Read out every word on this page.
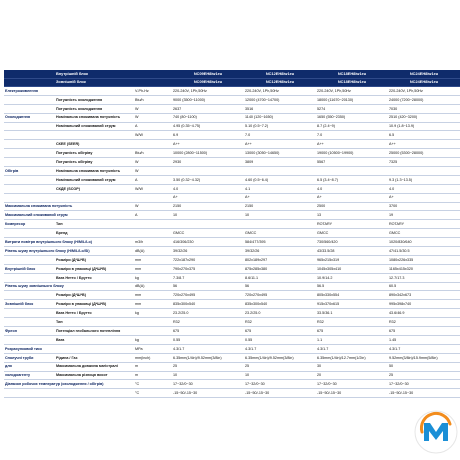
	Внутрішній блок		NC09EH8lw1eu	NC12EH8lw1eu	NC18EH8lw1eu	NC24EH8lw1eu
	Зовнішній блок		NC09EH8lw1eu	NC12EH8lw1eu	NC18EH8lw1eu	NC24EH8lw1eu
Електроживлення		V-Ph-Hz	220-240V, 1Ph,50Hz	220-240V, 1Ph,50Hz	220-240V, 1Ph,50Hz	220-240V, 1Ph,50Hz
	Потужність охолодження	Btu/h	9000 (3500~11000)	12000 (4700~14700)	18000 (11670~20130)	24000 (7200~28000)
	Потужність охолодження	W	2637	3516	5274	7030
Охолодження	Номінальна споживана потужність	W	740 (80~1100)	1140 (120~1650)	1650 (550~2350)	2510 (420~3200)
	Номінальний споживаний струм	A	4.95 (0.35~4.75)	5.10 (0.5~7.2)	8.7 (2.4~9)	10.9 (1.8~13.9)
		W/W	6.9	7.0	7.0	6.5
	СКЕЕ (SEER)		A++	A++	A++	A++
	Потужність обігріву	Btu/h	10000 (2800~11500)	13000 (3050~14650)	19000 (10500~19900)	25000 (5300~28000)
	Потужність обігріву	W	2930	3809	5567	7325
Обігрів	Номінальна споживана потужність	W				
	Номінальний споживаний струм	A	3.50 (0.32~4.32)	4.60 (0.5~6.4)	6.5 (3.4~8.7)	9.3 (1.3~13.5)
	СКДЕ (SCOP)	W/W	4.0	4.1	4.0	4.0
			A+	A+	A+	A+
Максимальна споживана потужність		W	2150	2150	2500	3700
Максимальний споживаний струм		A	10	10	13	19
Компресор	Тип				ROTARY	ROTARY
	Бренд		GMCC	GMCC	GMCC	GMCC
Витрати повітря внутрішнього блоку (H/M/L/Lo)		m3/h	416/306/230	584/477/395	730/560/420	1020/830/640
Рівень шуму внутрішнього блоку (H/M/L/Lo/Si)		dB(A)	39/32/26	39/32/26	43/33.5/28	47/41.5/30.5
	Розміри (Д*Ш*В)	mm	722x187x290	802x189x297	965x215x319	1080x226x335
Внутрішній блок	Розміри в упаковці (Д*Ш*В)	mm	790x270x375	875x285x380	1045x305x410	1165x415x320
	Вага Нетто / Брутто	kg	7.3/8.7	8.6/11.1	10.9/14.2	12.7/17.3
Рівень шуму зовнішнього блоку		dB(A)	56	56	56.5	60.5
	Розміри (Д*Ш*В)	mm	720x270x495	720x270x495	805x330x554	890x342x673
Зовнішній блок	Розміри в упаковці (Д*Ш*В)	mm	835x300x540	835x300x540	915x370x615	995x398x740
	Вага Нетто / Брутто	kg	23.2/25.0	23.2/25.0	33.5/36.1	43.6/46.9
	Тип		R32	R32	R32	R32
Фреон	Потенціал глобального потепління		675	675	675	675
	Вага	kg	0.55	0.55	1.1	1.45
Розрахунковий тиск		MPa	4.3/1.7	4.3/1.7	4.3/1.7	4.3/1.7
Сполучні труби	Рідина / Газ	mm(inch)	6.35mm(1/4in)/9.52mm(3/8in)	6.35mm(1/4in)/9.52mm(3/8in)	6.35mm(1/4in)/12.7mm(1/2in)	9.52mm(3/8in)/15.9mm(5/8in)
для	Максимальна довжина магістралі	m	25	25	30	50
холодоагенту	Максимальна різниця висот	m	10	10	20	25
Діапазон робочих температур (охолодження / обігрів)		°C	17~32/0~30	17~32/0~30	17~32/0~30	17~32/0~30
		°C	-15~50/-15~30	-15~50/-15~30	-15~50/-15~30	-15~50/-15~30
